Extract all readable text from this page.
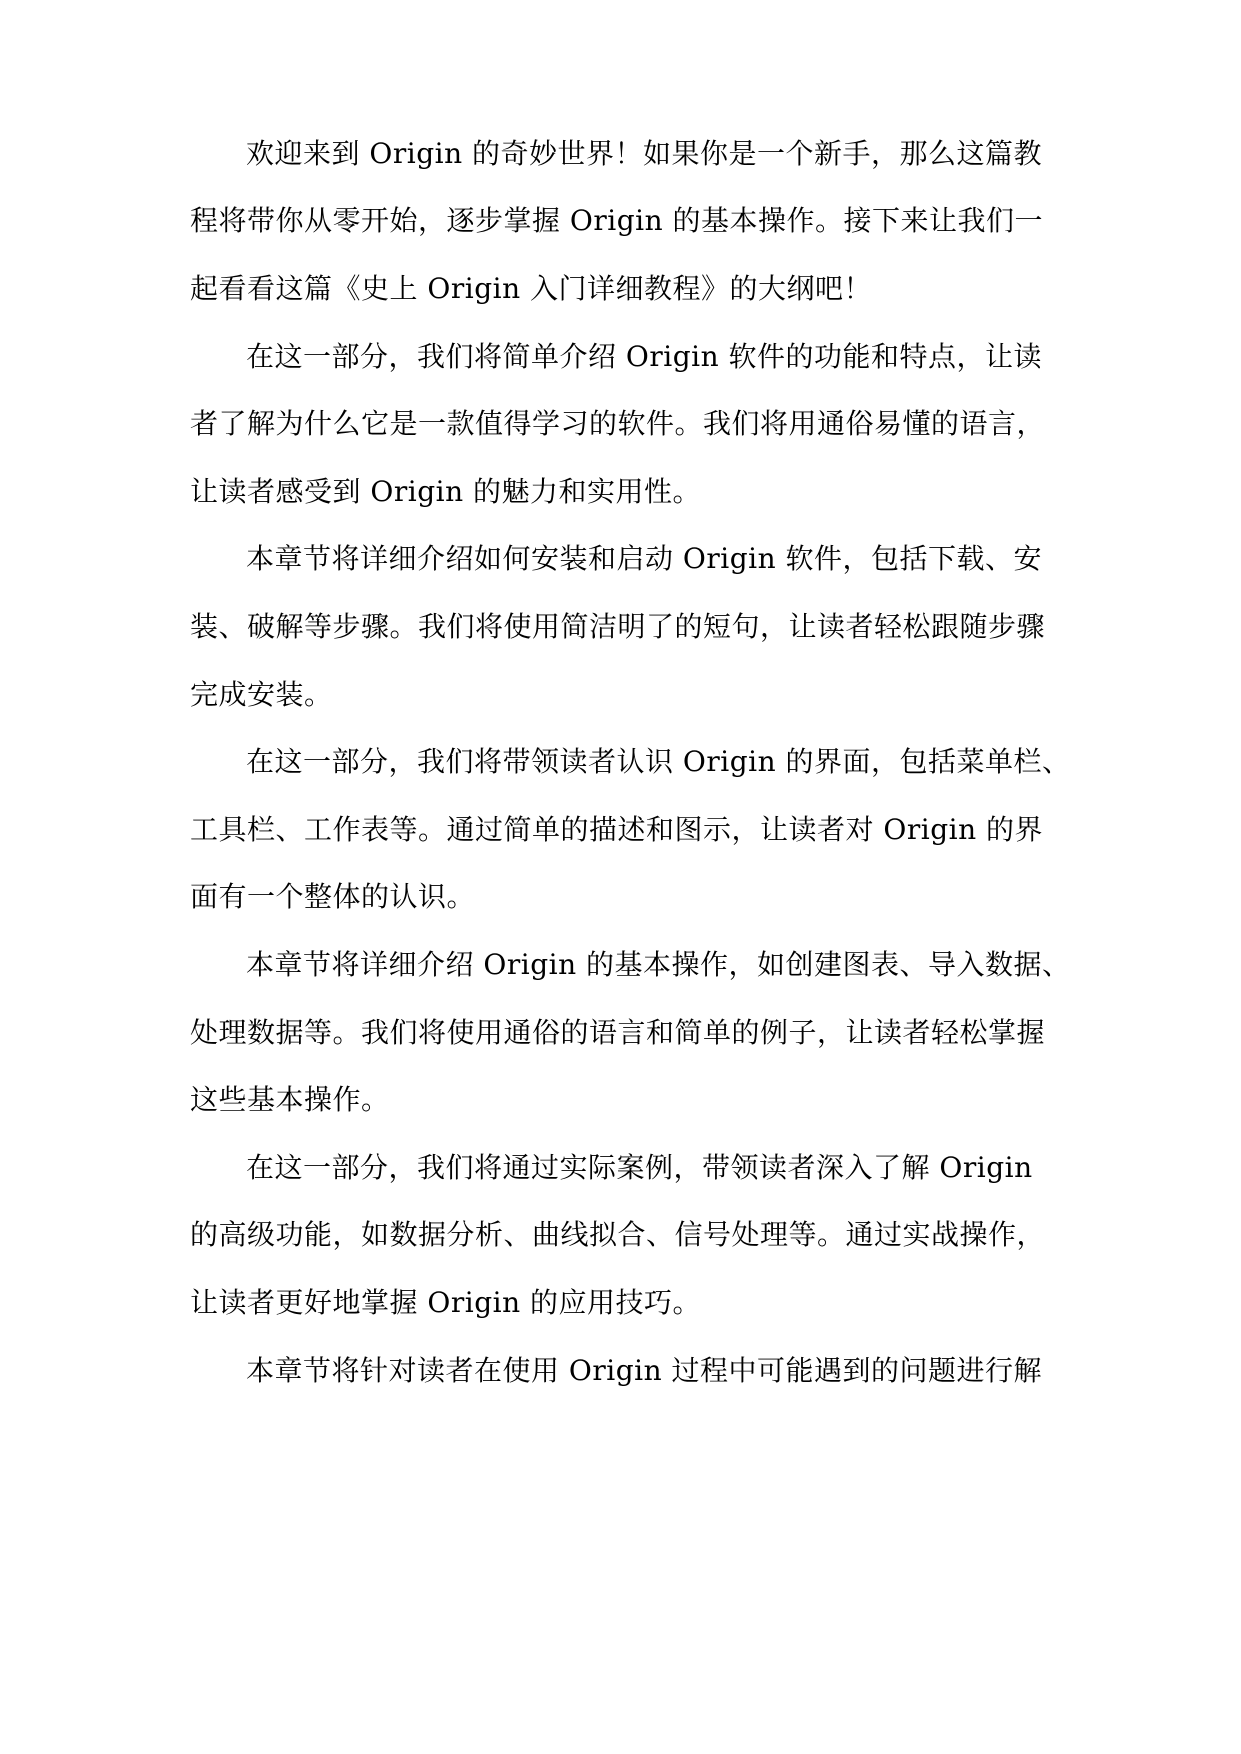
欢迎来到 Origin 的奇妙世界！如果你是一个新手，那么这篇教
程将带你从零开始，逐步掌握 Origin 的基本操作。接下来让我们一
起看看这篇《史上 Origin 入门详细教程》的大纲吧！
在这一部分，我们将简单介绍 Origin 软件的功能和特点，让读
者了解为什么它是一款值得学习的软件。我们将用通俗易懂的语言，
让读者感受到 Origin 的魅力和实用性。
本章节将详细介绍如何安装和启动 Origin 软件，包括下载、安
装、破解等步骤。我们将使用简洁明了的短句，让读者轻松跟随步骤
完成安装。
在这一部分，我们将带领读者认识 Origin 的界面，包括菜单栏、
工具栏、工作表等。通过简单的描述和图示，让读者对 Origin 的界
面有一个整体的认识。
本章节将详细介绍 Origin 的基本操作，如创建图表、导入数据、
处理数据等。我们将使用通俗的语言和简单的例子，让读者轻松掌握
这些基本操作。
在这一部分，我们将通过实际案例，带领读者深入了解 Origin
的高级功能，如数据分析、曲线拟合、信号处理等。通过实战操作，
让读者更好地掌握 Origin 的应用技巧。
本章节将针对读者在使用 Origin 过程中可能遇到的问题进行解
